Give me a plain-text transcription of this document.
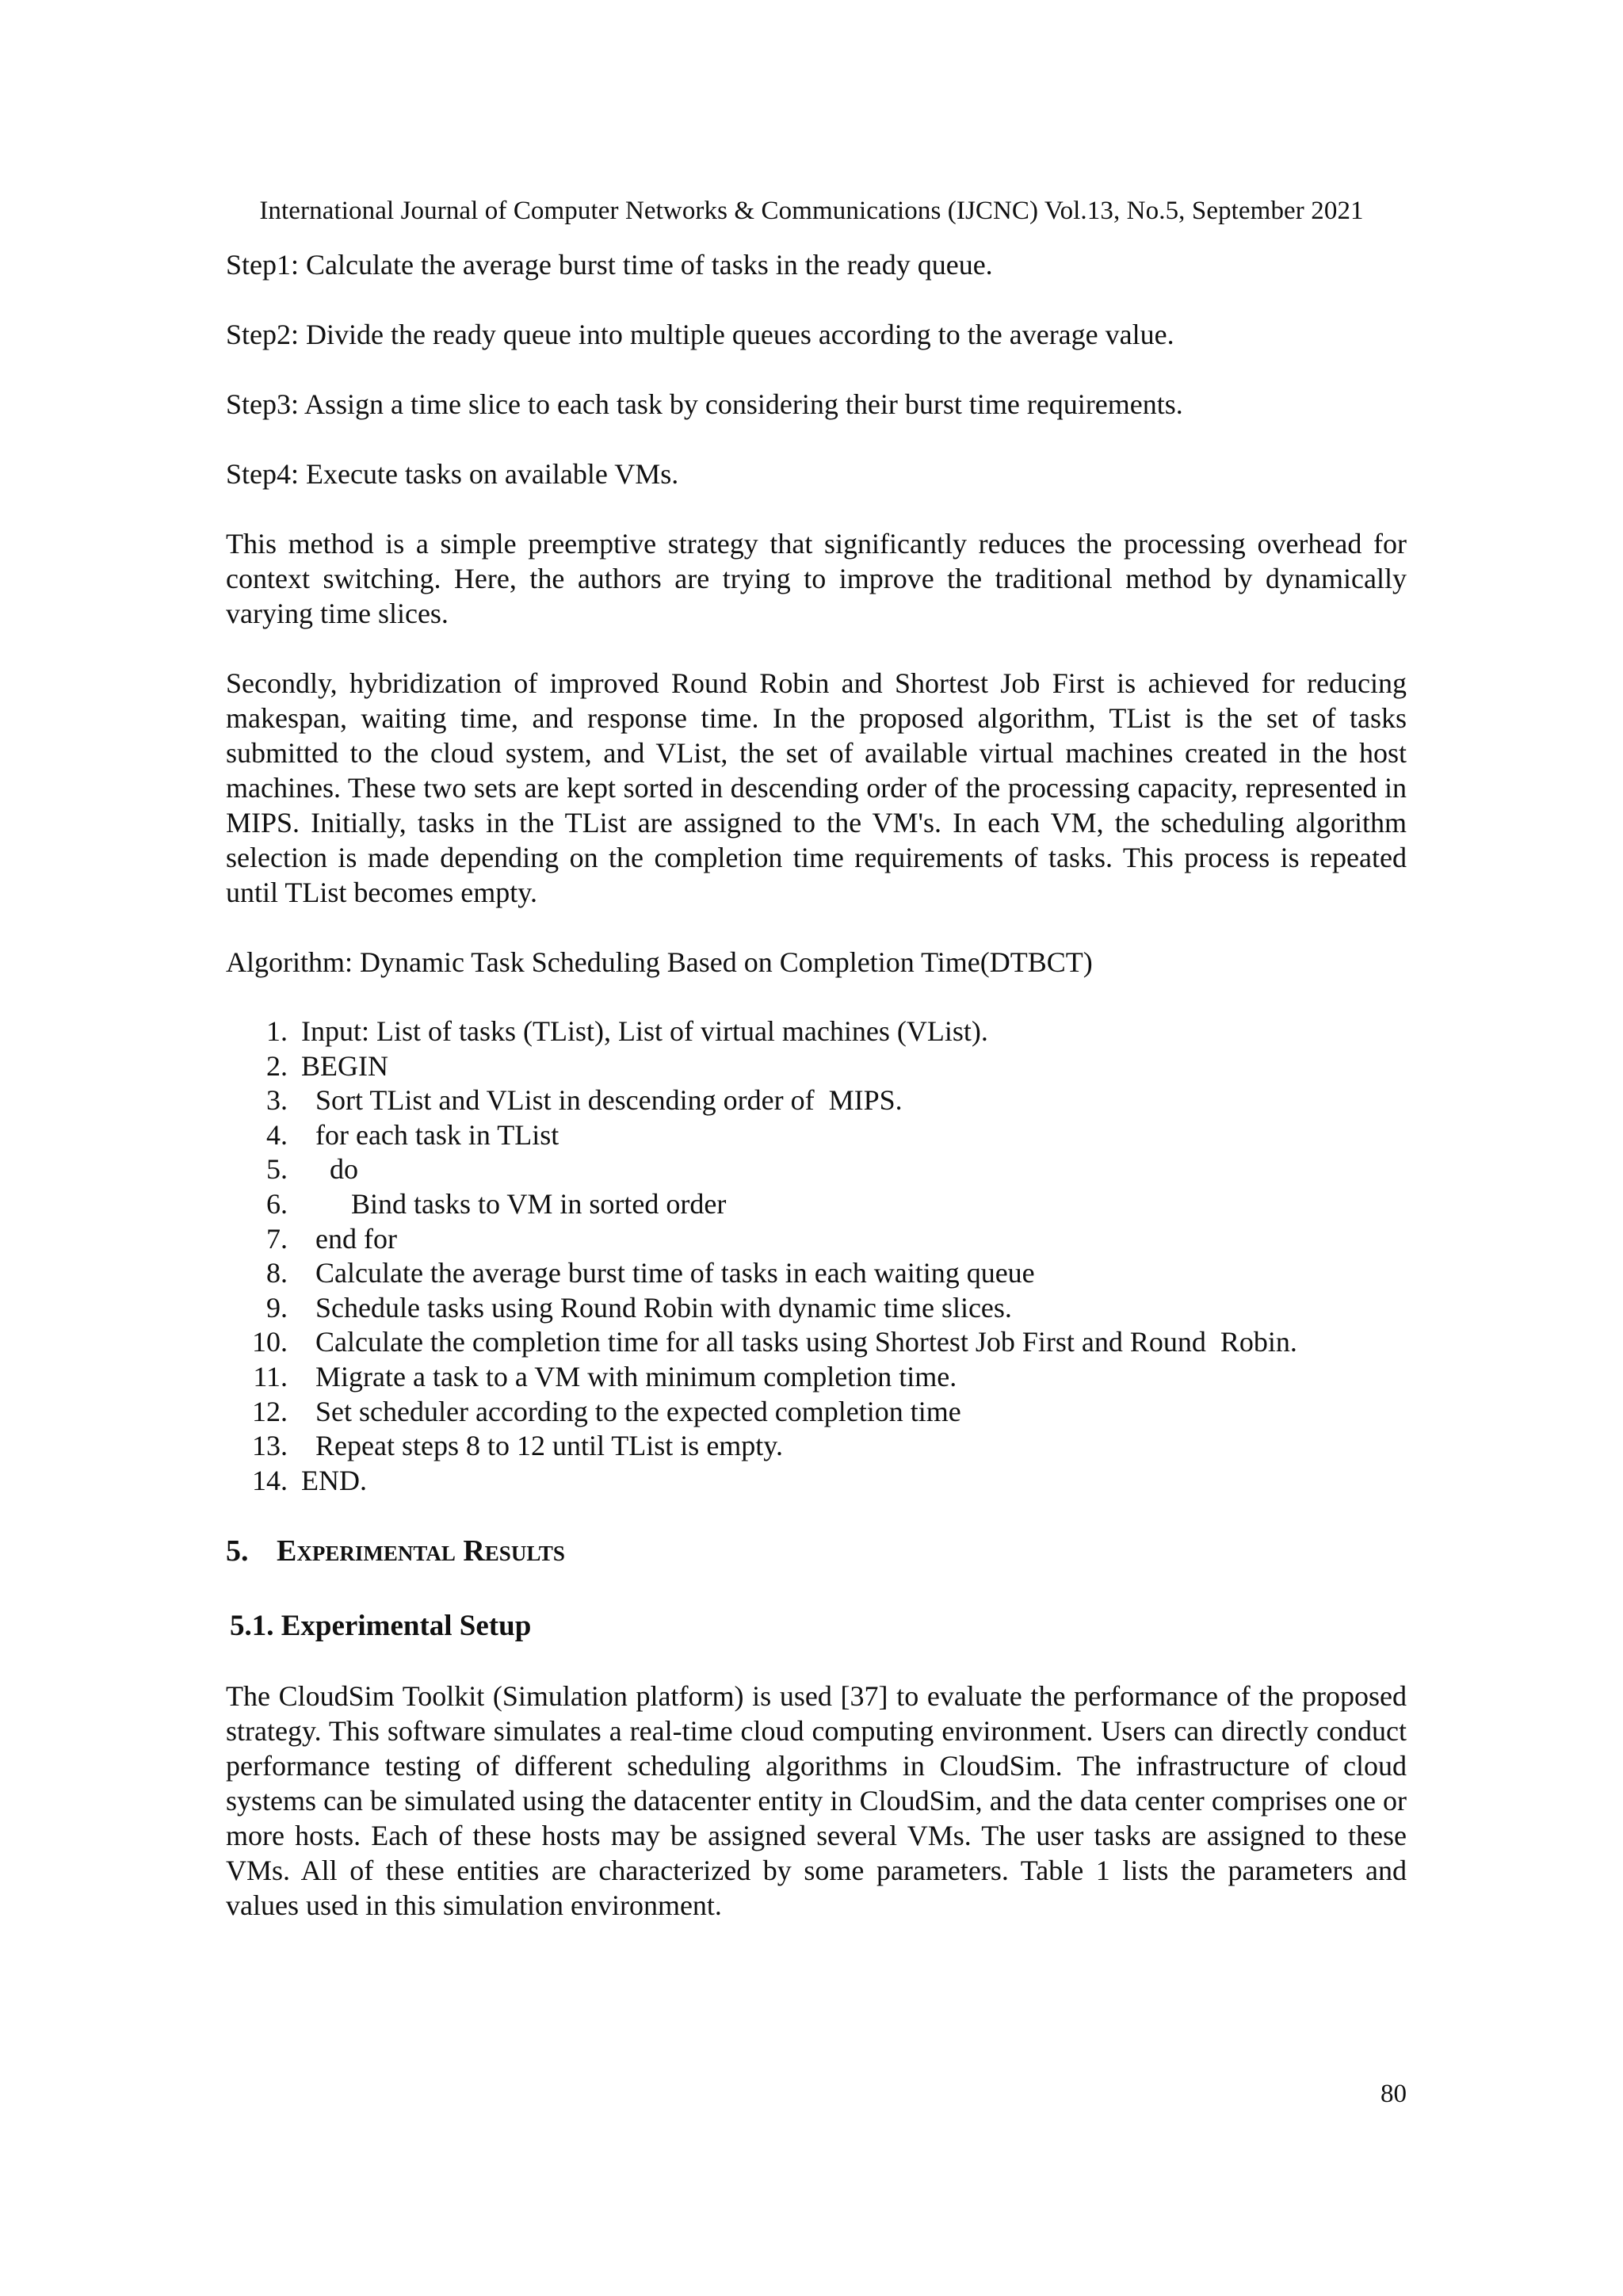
International Journal of Computer Networks & Communications (IJCNC) Vol.13, No.5, September 2021

Step1: Calculate the average burst time of tasks in the ready queue.

Step2: Divide the ready queue into multiple queues according to the average value.

Step3: Assign a time slice to each task by considering their burst time requirements.

Step4: Execute tasks on available VMs.

This method is a simple preemptive strategy that significantly reduces the processing overhead for context switching. Here, the authors are trying to improve the traditional method by dynamically varying time slices.

Secondly, hybridization of improved Round Robin and Shortest Job First is achieved for reducing makespan, waiting time, and response time. In the proposed algorithm, TList is the set of tasks submitted to the cloud system, and VList, the set of available virtual machines created in the host machines. These two sets are kept sorted in descending order of the processing capacity, represented in MIPS. Initially, tasks in the TList are assigned to the VM's. In each VM, the scheduling algorithm selection is made depending on the completion time requirements of tasks. This process is repeated until TList becomes empty.

Algorithm: Dynamic Task Scheduling Based on Completion Time(DTBCT)

1. Input: List of tasks (TList), List of virtual machines (VList).
2. BEGIN
3. Sort TList and VList in descending order of  MIPS.
4. for each task in TList
5. do
6. Bind tasks to VM in sorted order
7. end for
8. Calculate the average burst time of tasks in each waiting queue
9. Schedule tasks using Round Robin with dynamic time slices.
10. Calculate the completion time for all tasks using Shortest Job First and Round  Robin.
11. Migrate a task to a VM with minimum completion time.
12. Set scheduler according to the expected completion time
13. Repeat steps 8 to 12 until TList is empty.
14. END.
5. Experimental Results
5.1. Experimental Setup

The CloudSim Toolkit (Simulation platform) is used [37] to evaluate the performance of the proposed strategy. This software simulates a real-time cloud computing environment. Users can directly conduct performance testing of different scheduling algorithms in CloudSim. The infrastructure of cloud systems can be simulated using the datacenter entity in CloudSim, and the data center comprises one or more hosts. Each of these hosts may be assigned several VMs. The user tasks are assigned to these VMs. All of these entities are characterized by some parameters. Table 1 lists the parameters and values used in this simulation environment.

80
